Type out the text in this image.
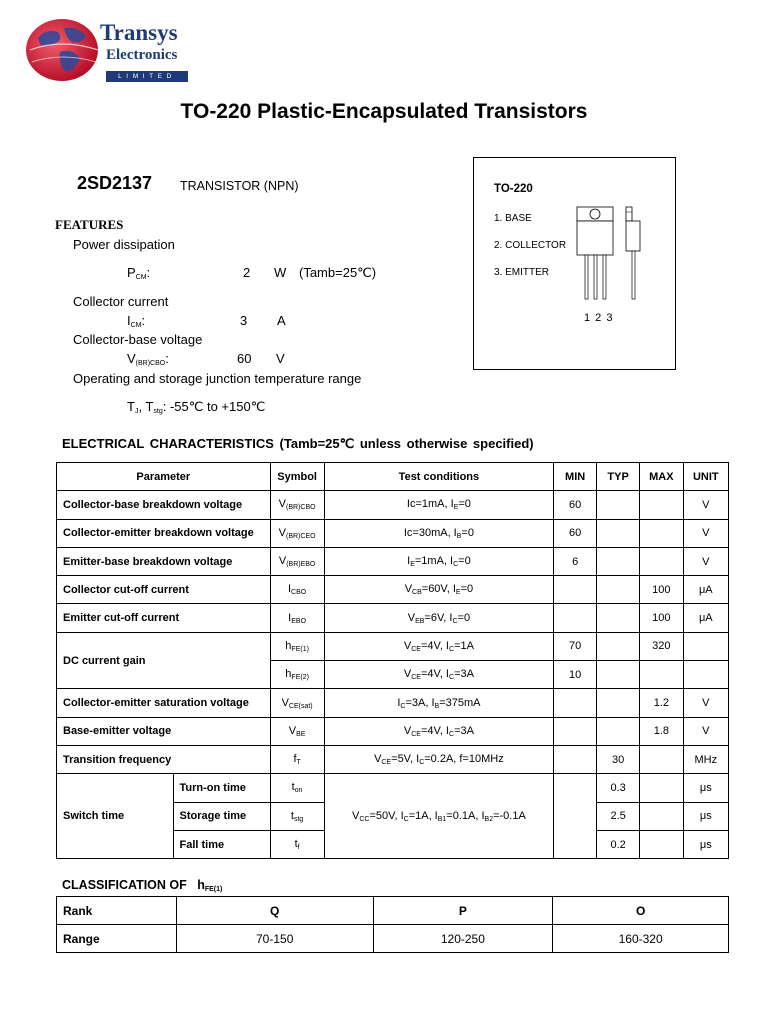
Transys
Electronics
LIMITED
TO-220 Plastic-Encapsulated Transistors
2SD2137 TRANSISTOR (NPN)	TO-220
1. BASE
2. COLLECTOR
3. EMITTER
1 2 3
FEATURES
Power dissipation
$P_{CM}$:	2 W (Tamb=25℃)
Collector current
$I_{CM}$:	3 A
Collector-base voltage
$V_{(BR)CBO}$:	60 V
Operating and storage junction temperature range
$T_J$, $T_{stg}$: -55℃ to +150℃
ELECTRICAL CHARACTERISTICS (Tamb=25℃ unless otherwise specified)
Parameter		Symbol	Test conditions	MIN	TYP	MAX	UNIT
Collector-base breakdown voltage		$V_{(BR)CBO}$	Ic=1mA, $I_E=0$	60			V
Collector-emitter breakdown voltage		$V_{(BR)CEO}$	Ic=30mA, $I_B=0$	60			V
Emitter-base breakdown voltage		$V_{(BR)EBO}$	$I_E=1mA$, $I_C=0$	6			V
Collector cut-off current		$I_{CBO}$	$V_{CB}=60V$, $I_E=0$			100	μA
Emitter cut-off current		$I_{EBO}$	$V_{EB}=6V$, $I_C=0$			100	μA
DC current gain		$h_{FE(1)}$	$V_{CE}=4V$, $I_C=1A$	70		320	
		$h_{FE(2)}$	$V_{CE}=4V$, $I_C=3A$	10			
Collector-emitter saturation voltage		$V_{CE(sat)}$	$I_C=3A$, $I_B=375mA$			1.2	V
Base-emitter voltage		$V_{BE}$	$V_{CE}=4V$, $I_C=3A$			1.8	V
Transition frequency		$f_T$	$V_{CE}=5V$, $I_C=0.2A$, f=10MHz		30		MHz
Switch time	Turn-on time	$t_{on}$	$V_{CC}=50V$, $I_C=1A$, $I_{B1}=0.1A$, $I_{B2}=-0.1A$		0.3		μs
	Storage time	$t_{stg}$			2.5		μs
	Fall time	$t_f$			0.2		μs
CLASSIFICATION OF $h_{FE(1)}$
Rank	Q	P	O
Range	70-150	120-250	160-320
